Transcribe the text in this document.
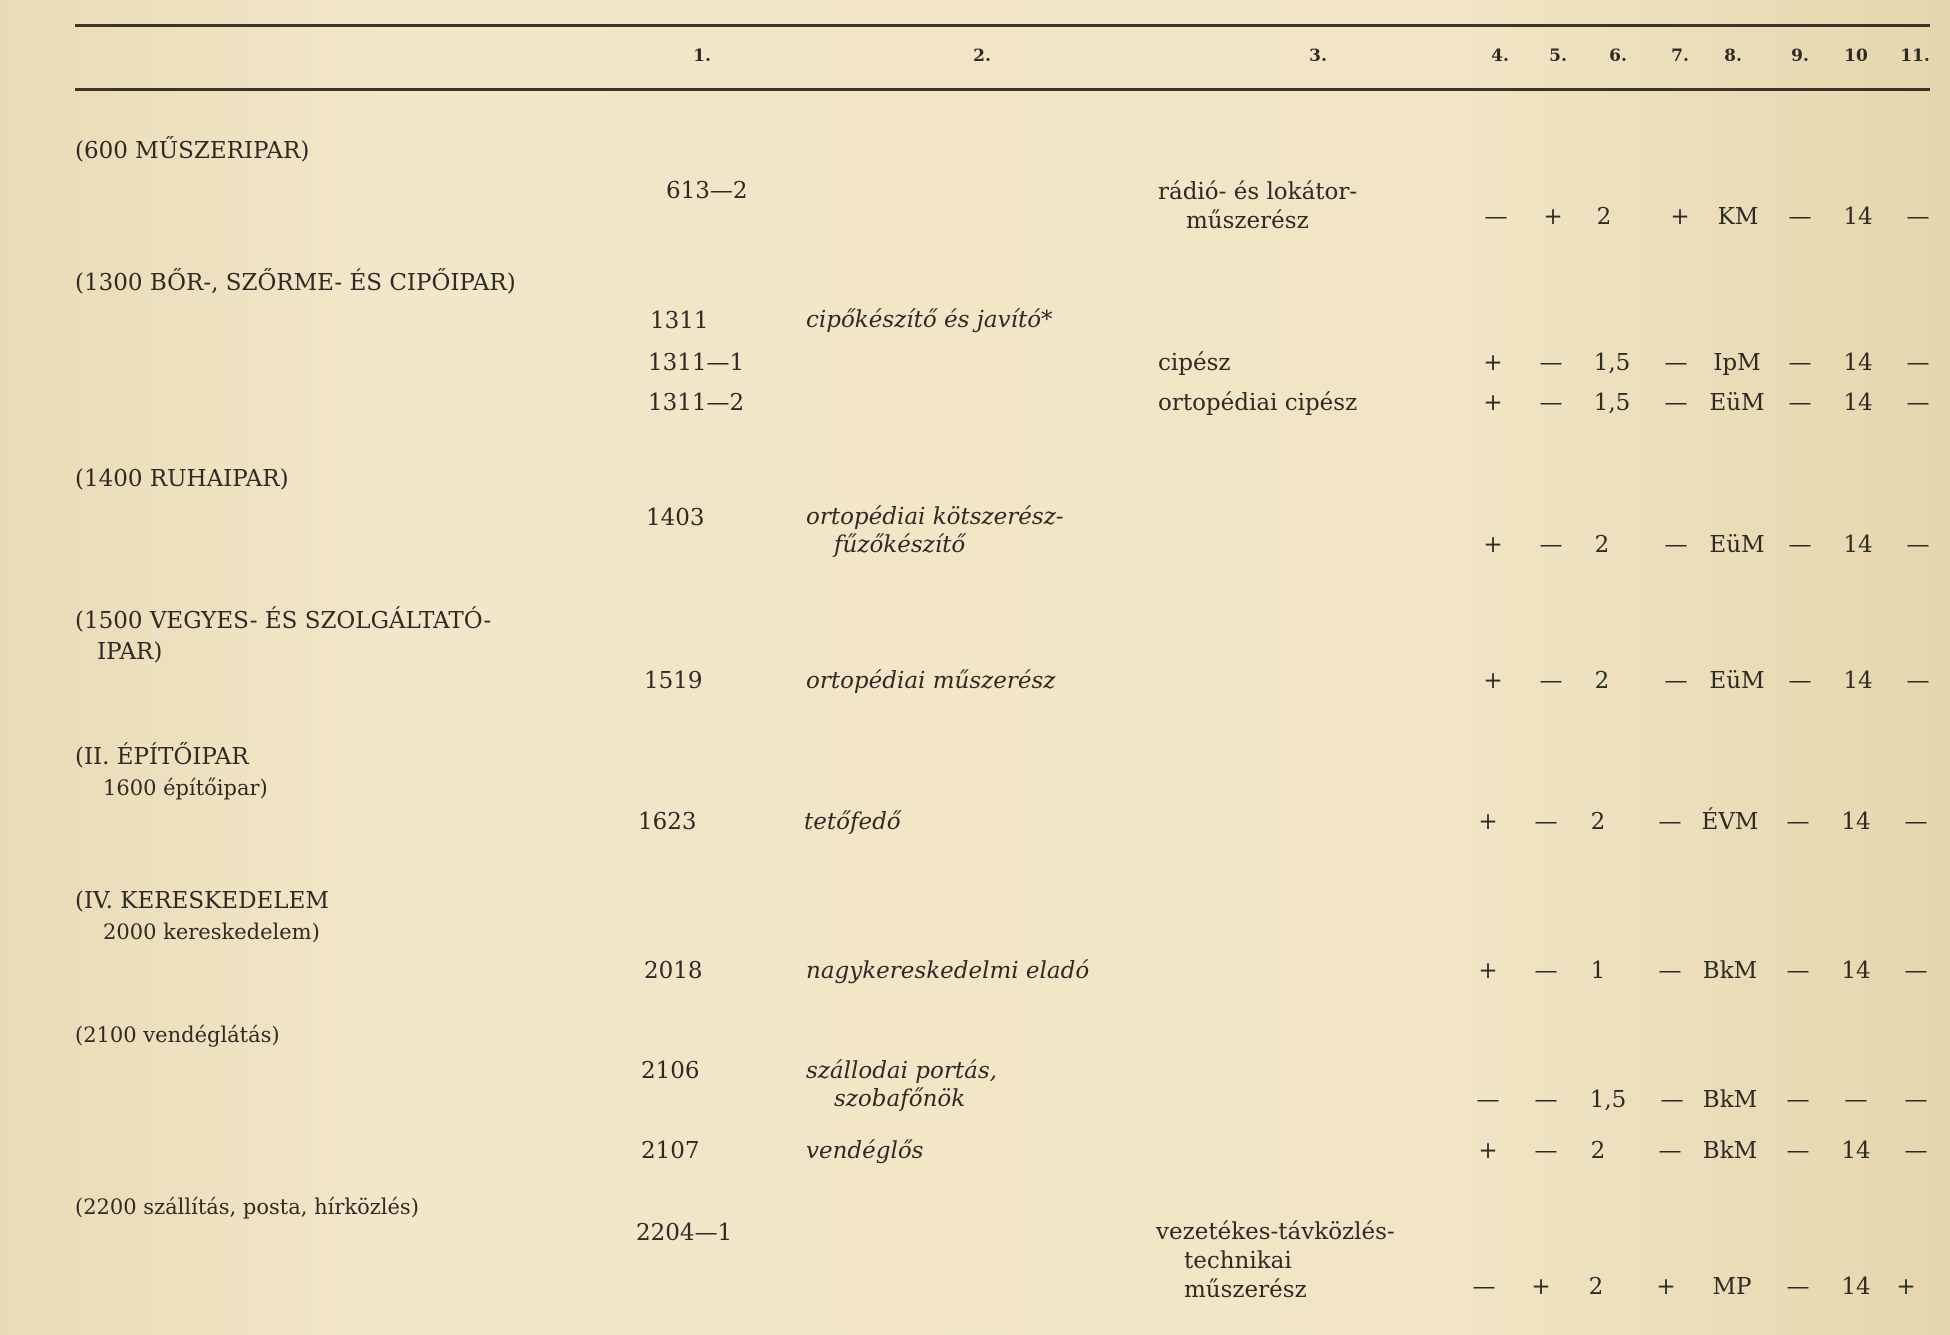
1.	2.	3.	4. 5. 6.	7. 8.	9. 10 11.
(600 MŰSZERIPAR)
(1300 BŐR-, SZŐRME- ÉS CIPŐIPAR)
(1400 RUHAIPAR)
(1500 VEGYES- ÉS SZOLGÁLTATÓ-
IPAR)
(II. ÉPÍTŐIPAR
1600 építőipar)
(IV. KERESKEDELEM
2000 kereskedelem)
(2100 vendéglátás)
(2200 szállítás, posta, hírközlés)
613—2	rádió- és lokátor-
műszerész	— + 2	+ KM — 14 —
1311	cipőkészítő és javító*
1311—1	cipész	+ — 1,5 — IpM — 14 —
1311—2	ortopédiai cipész	+ — 1,5 — EüM — 14 —
1403	ortopédiai kötszerész-
fűzőkészítő	+ — 2 — EüM — 14 —
1519	ortopédiai műszerész	+ — 2 — EüM — 14 —
1623	tetőfedő	+ — 2 — ÉVM — 14 —
2018	nagykereskedelmi eladó	+ — 1 — BkM — 14 —
2106	szállodai portás,
szobafőnök	— — 1,5 — BkM — — —
2107	vendéglős	+ — 2 — BkM — 14 —
2204—1	vezetékes-távközlés-
technikai
műszerész	— + 2 + MP — 14 +
